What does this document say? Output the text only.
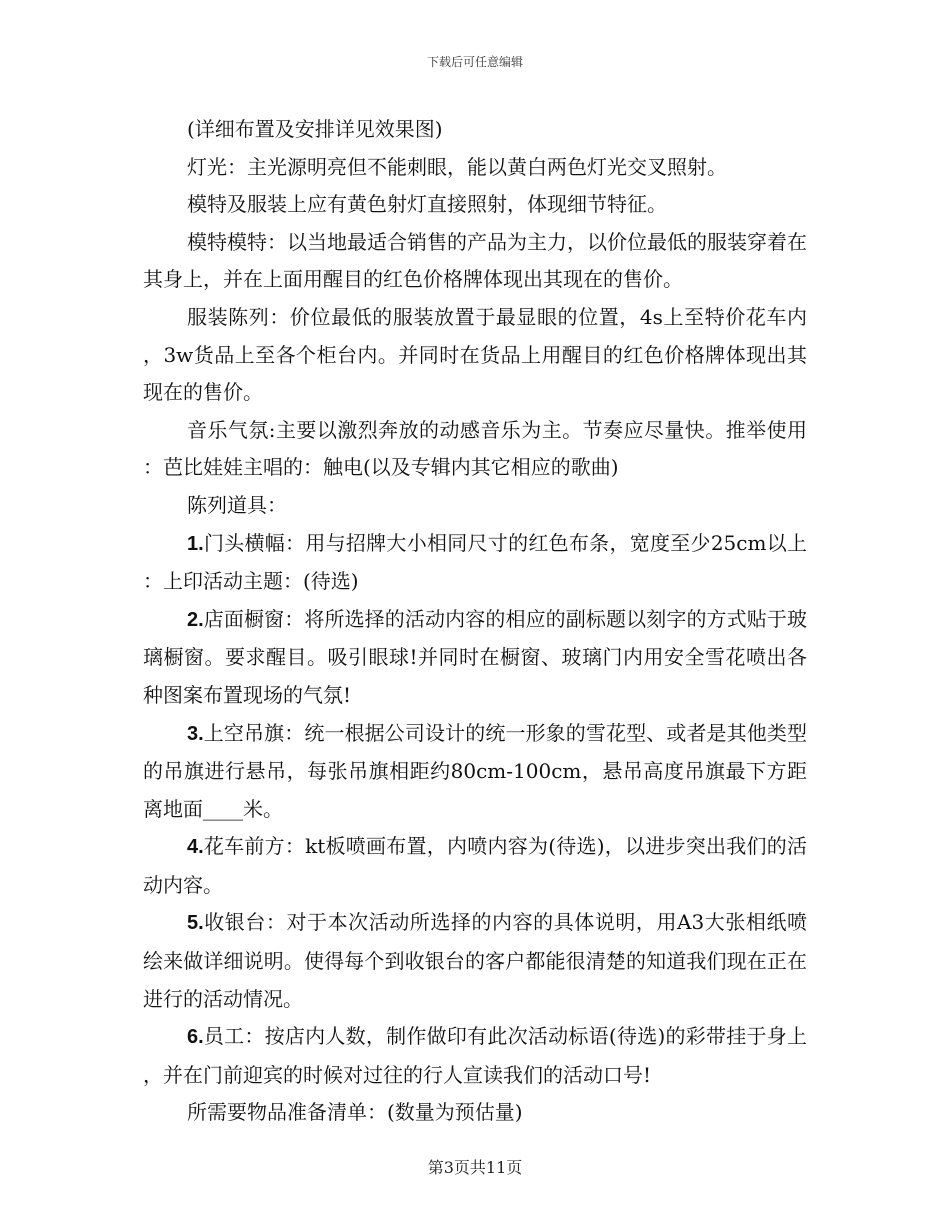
下载后可任意编辑

(详细布置及安排详见效果图)

灯光：主光源明亮但不能刺眼，能以黄白两色灯光交叉照射。

模特及服装上应有黄色射灯直接照射，体现细节特征。

模特模特：以当地最适合销售的产品为主力，以价位最低的服装穿着在其身上，并在上面用醒目的红色价格牌体现出其现在的售价。

服装陈列：价位最低的服装放置于最显眼的位置，4s上至特价花车内，3w货品上至各个柜台内。并同时在货品上用醒目的红色价格牌体现出其现在的售价。

音乐气氛:主要以激烈奔放的动感音乐为主。节奏应尽量快。推举使用：芭比娃娃主唱的：触电(以及专辑内其它相应的歌曲)

陈列道具：

1.门头横幅：用与招牌大小相同尺寸的红色布条，宽度至少25cm以上：上印活动主题：(待选)

2.店面橱窗：将所选择的活动内容的相应的副标题以刻字的方式贴于玻璃橱窗。要求醒目。吸引眼球!并同时在橱窗、玻璃门内用安全雪花喷出各种图案布置现场的气氛!

3.上空吊旗：统一根据公司设计的统一形象的雪花型、或者是其他类型的吊旗进行悬吊，每张吊旗相距约80cm-100cm，悬吊高度吊旗最下方距离地面____米。

4.花车前方：kt板喷画布置，内喷内容为(待选)，以进步突出我们的活动内容。

5.收银台：对于本次活动所选择的内容的具体说明，用A3大张相纸喷绘来做详细说明。使得每个到收银台的客户都能很清楚的知道我们现在正在进行的活动情况。

6.员工：按店内人数，制作做印有此次活动标语(待选)的彩带挂于身上，并在门前迎宾的时候对过往的行人宣读我们的活动口号!

所需要物品准备清单：(数量为预估量)

第3页共11页
